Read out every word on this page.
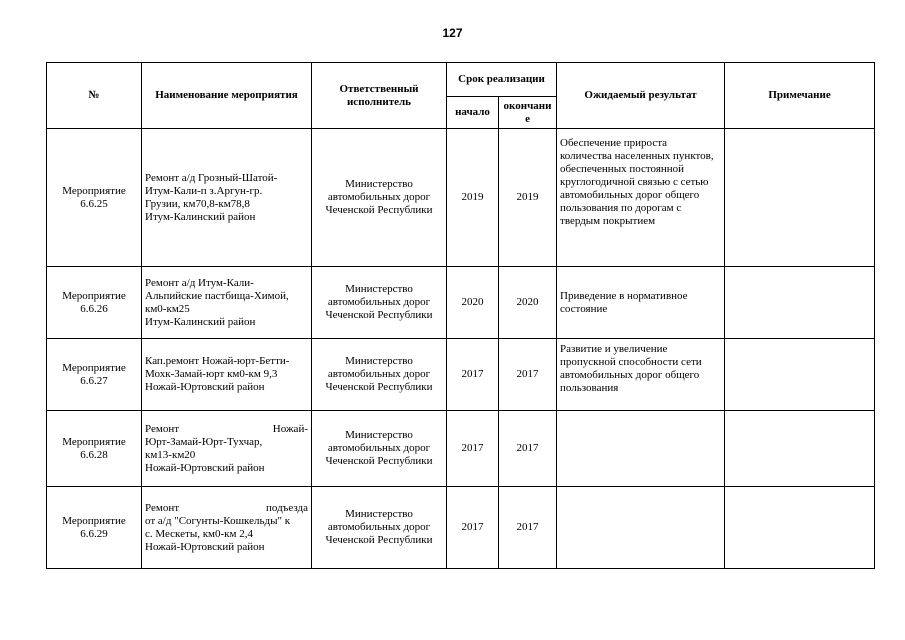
127
№	Наименование мероприятия	Ответственный исполнитель	Срок реализации		Ожидаемый результат	Примечание
			начало	окончани
е		
Мероприятие 6.6.25	Ремонт а/д Грозный-Шатой-
Итум-Кали-п з.Аргун-гр.
Грузии, км70,8-км78,8
Итум-Калинский район	Министерство автомобильных дорог Чеченской Республики	2019	2019	Обеспечение прироста количества населенных пунктов, обеспеченных постоянной круглогодичной связью с сетью автомобильных дорог общего пользования по дорогам с твердым покрытием	
Мероприятие 6.6.26	Ремонт а/д Итум-Кали-
Альпийские пастбища-Химой,
км0-км25
Итум-Калинский район	Министерство автомобильных дорог Чеченской Республики	2020	2020	Приведение в нормативное состояние	
Мероприятие 6.6.27	Кап.ремонт Ножай-юрт-Бетти-
Мохк-Замай-юрт км0-км 9,3
Ножай-Юртовский район	Министерство автомобильных дорог Чеченской Республики	2017	2017	Развитие и увеличение пропускной способности сети автомобильных дорог общего пользования	
Мероприятие 6.6.28	Ремонт Ножай-
Юрт-Замай-Юрт-Тухчар,
км13-км20
Ножай-Юртовский район	Министерство автомобильных дорог Чеченской Республики	2017	2017		
Мероприятие 6.6.29	Ремонт подъезда
от а/д "Согунты-Кошкельды" к
с. Мескеты, км0-км 2,4
Ножай-Юртовский район	Министерство автомобильных дорог Чеченской Республики	2017	2017		
